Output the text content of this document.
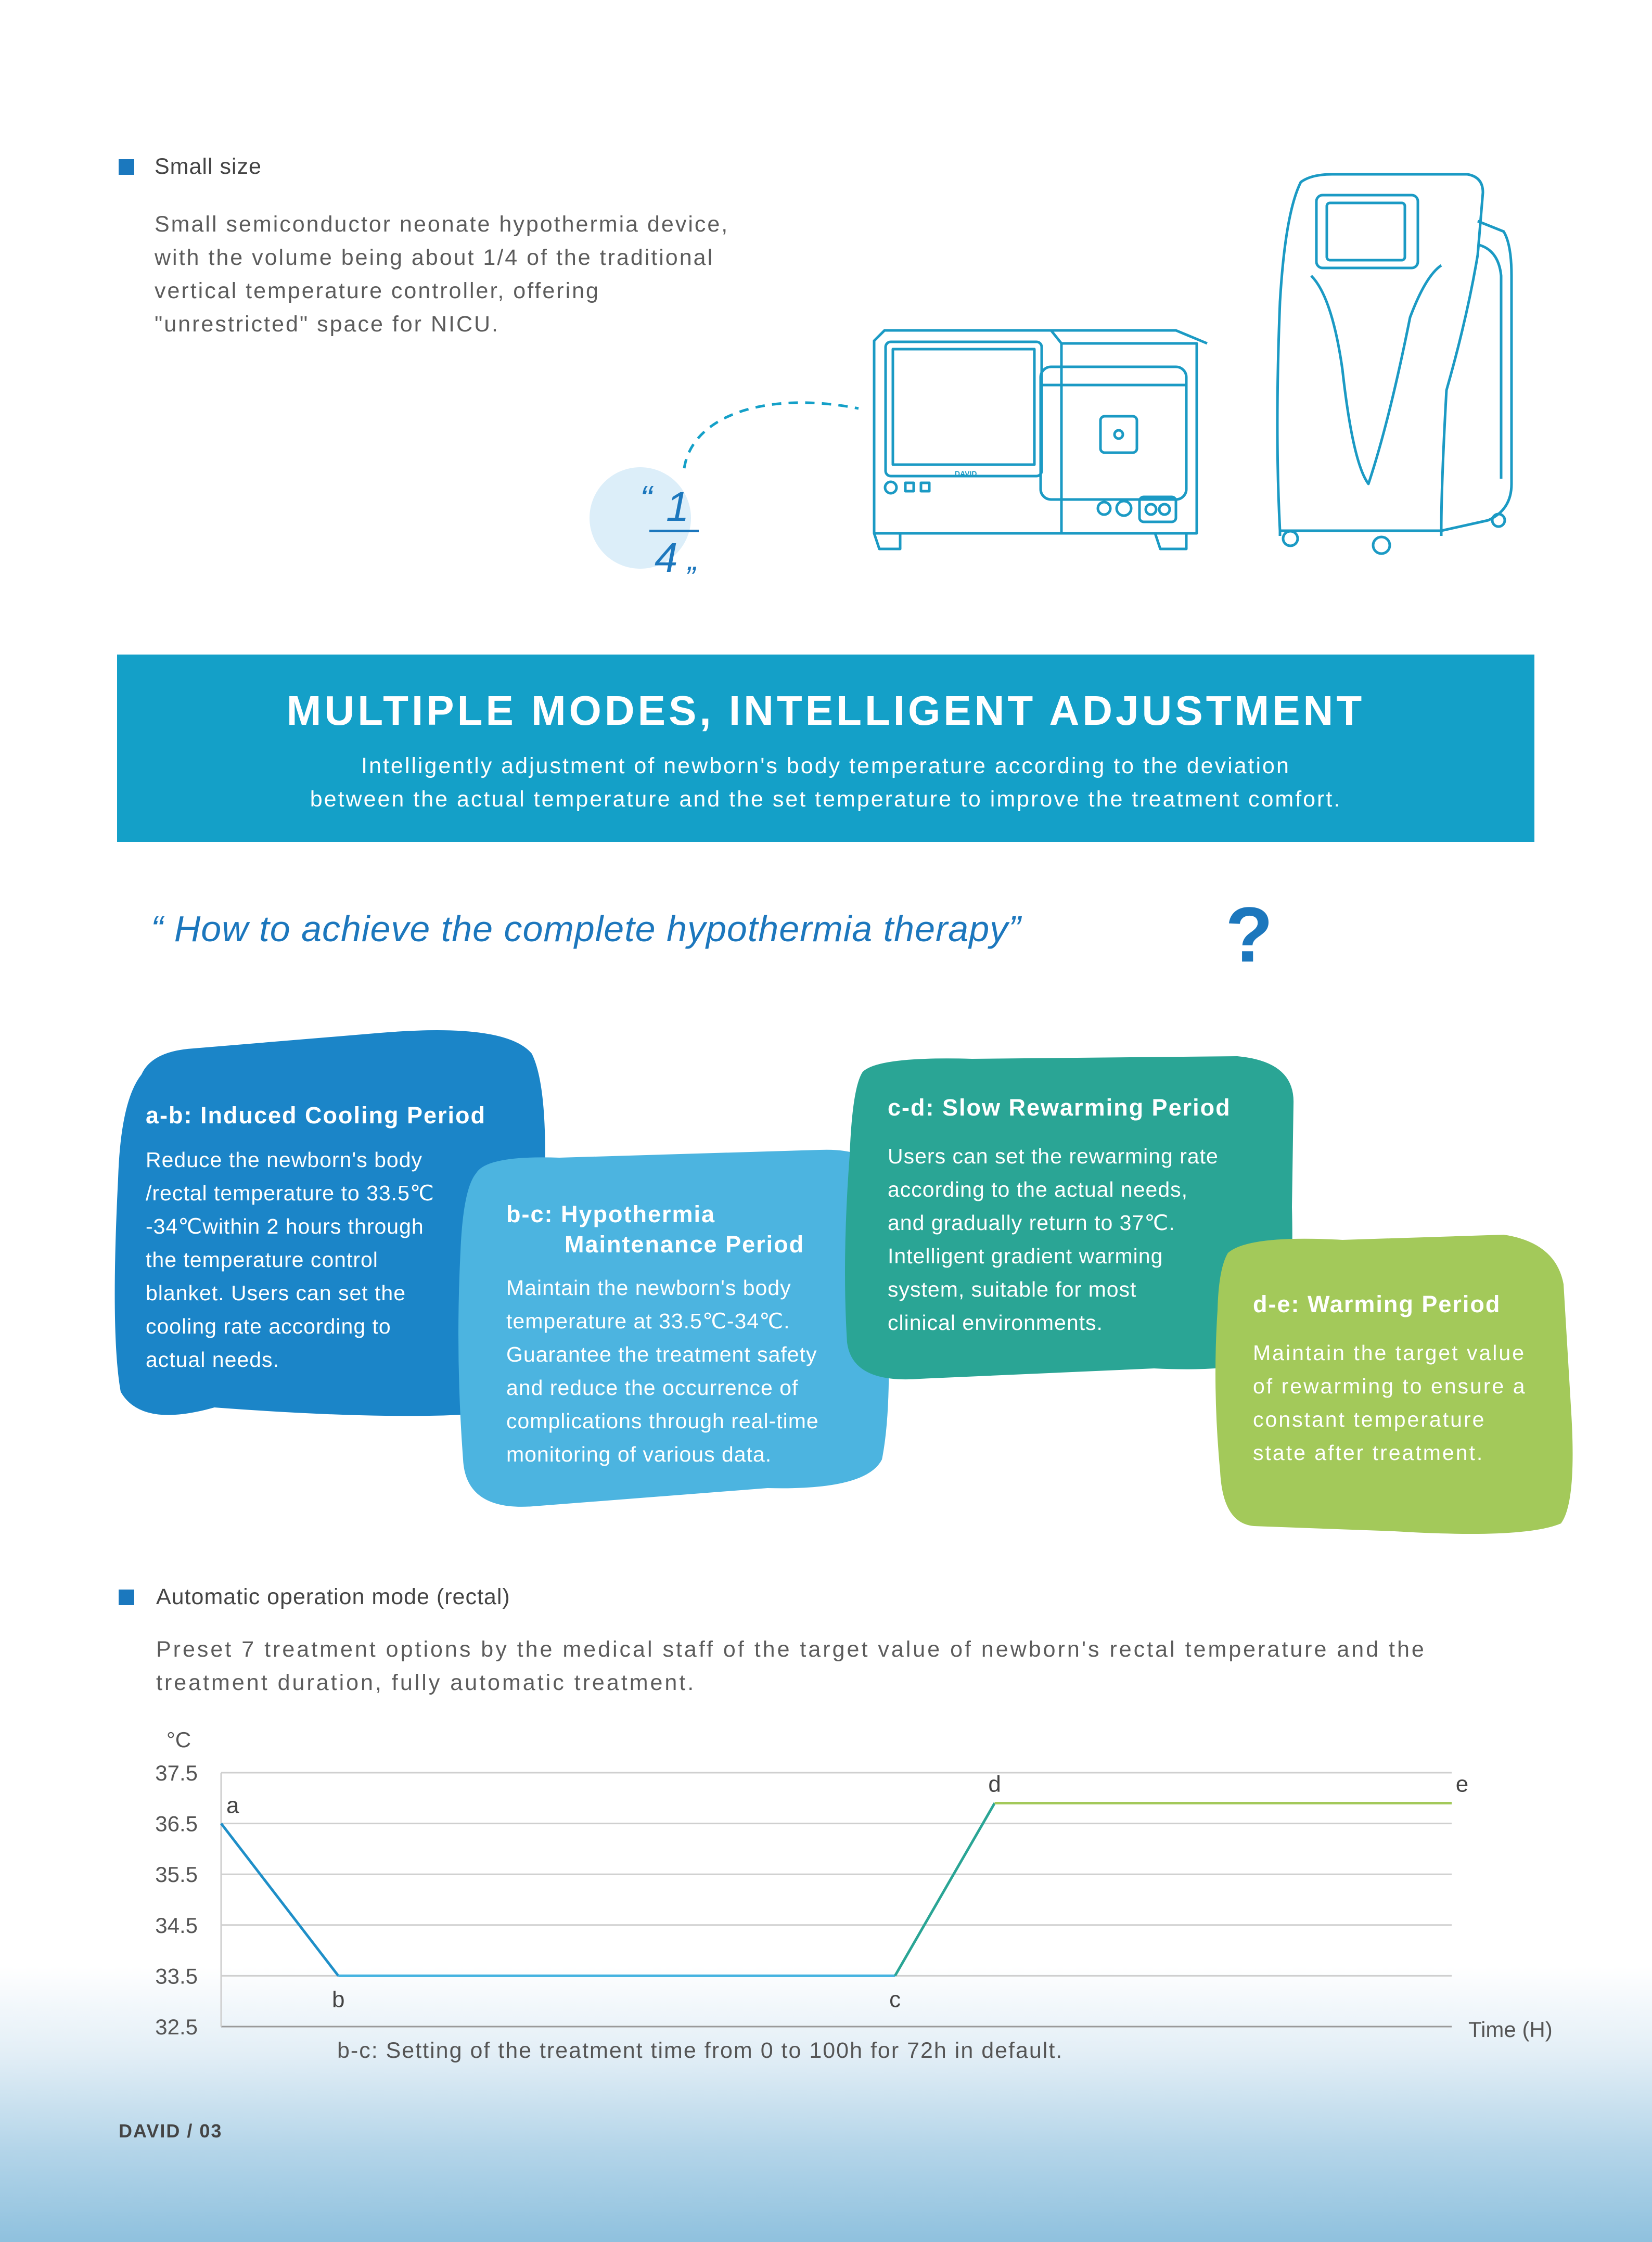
Small size
Small semiconductor neonate hypothermia device,
with the volume being about 1/4 of the traditional
vertical temperature controller, offering
"unrestricted" space for NICU.
“ 1
4 „
DAVID
MULTIPLE MODES, INTELLIGENT ADJUSTMENT
Intelligently adjustment of newborn's body temperature according to the deviation
between the actual temperature and the set temperature to improve the treatment comfort.
“ How to achieve the complete hypothermia therapy”	?
a-b: Induced Cooling Period
Reduce the newborn's body
/rectal temperature to 33.5℃
-34℃within 2 hours through
the temperature control
blanket. Users can set the
cooling rate according to
actual needs.
b-c: Hypothermia
Maintenance Period
Maintain the newborn's body
temperature at 33.5℃-34℃.
Guarantee the treatment safety
and reduce the occurrence of
complications through real-time
monitoring of various data.
c-d: Slow Rewarming Period
Users can set the rewarming rate
according to the actual needs,
and gradually return to 37℃.
Intelligent gradient warming
system, suitable for most
clinical environments.
d-e: Warming Period
Maintain the target value
of rewarming to ensure a
constant temperature
state after treatment.
Automatic operation mode (rectal)
Preset 7 treatment options by the medical staff of the target value of newborn's rectal temperature and the
treatment duration, fully automatic treatment.
37.5
36.5
35.5
34.5
33.5
32.5
°C
Time (H)
a
b	c
d	e
b-c: Setting of the treatment time from 0 to 100h for 72h in default.
DAVID / 03
